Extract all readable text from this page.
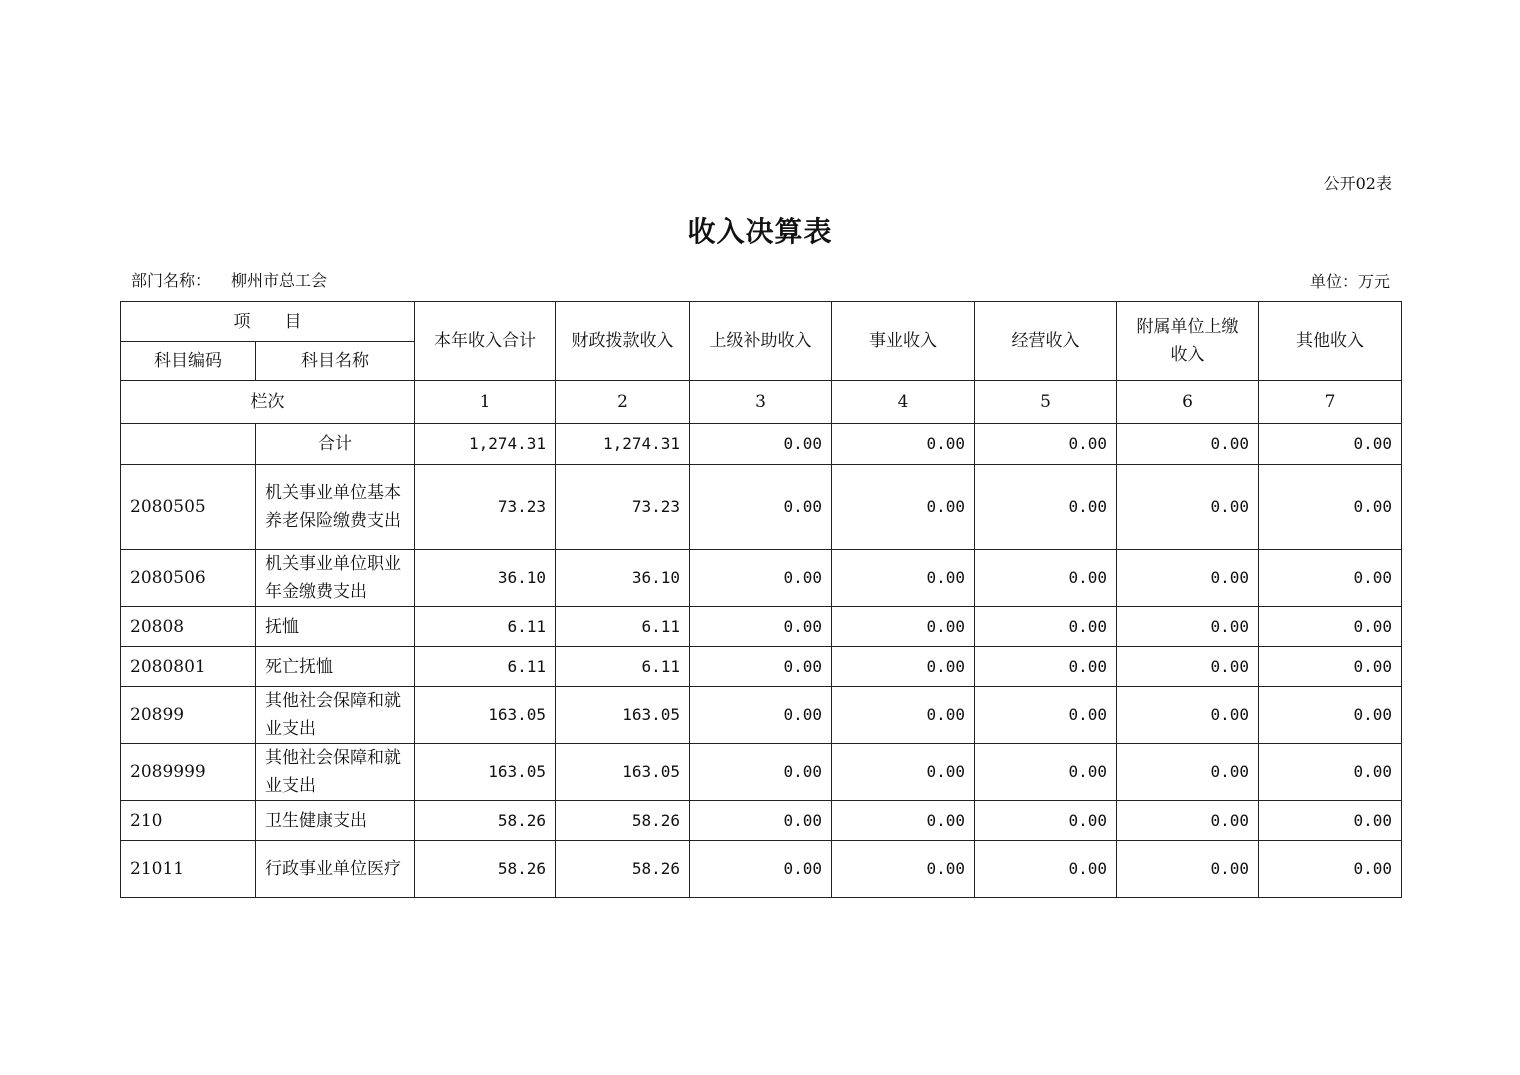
公开02表
收入决算表
部门名称： 柳州市总工会	单位：万元
项　　目		本年收入合计	财政拨款收入	上级补助收入	事业收入	经营收入	附属单位上缴收入	其他收入
科目编码	科目名称							
栏次		1	2	3	4	5	6	7
	合计	1,274.31	1,274.31	0.00	0.00	0.00	0.00	0.00
2080505	机关事业单位基本养老保险缴费支出	73.23	73.23	0.00	0.00	0.00	0.00	0.00
2080506	机关事业单位职业年金缴费支出	36.10	36.10	0.00	0.00	0.00	0.00	0.00
20808	抚恤	6.11	6.11	0.00	0.00	0.00	0.00	0.00
2080801	死亡抚恤	6.11	6.11	0.00	0.00	0.00	0.00	0.00
20899	其他社会保障和就业支出	163.05	163.05	0.00	0.00	0.00	0.00	0.00
2089999	其他社会保障和就业支出	163.05	163.05	0.00	0.00	0.00	0.00	0.00
210	卫生健康支出	58.26	58.26	0.00	0.00	0.00	0.00	0.00
21011	行政事业单位医疗	58.26	58.26	0.00	0.00	0.00	0.00	0.00
